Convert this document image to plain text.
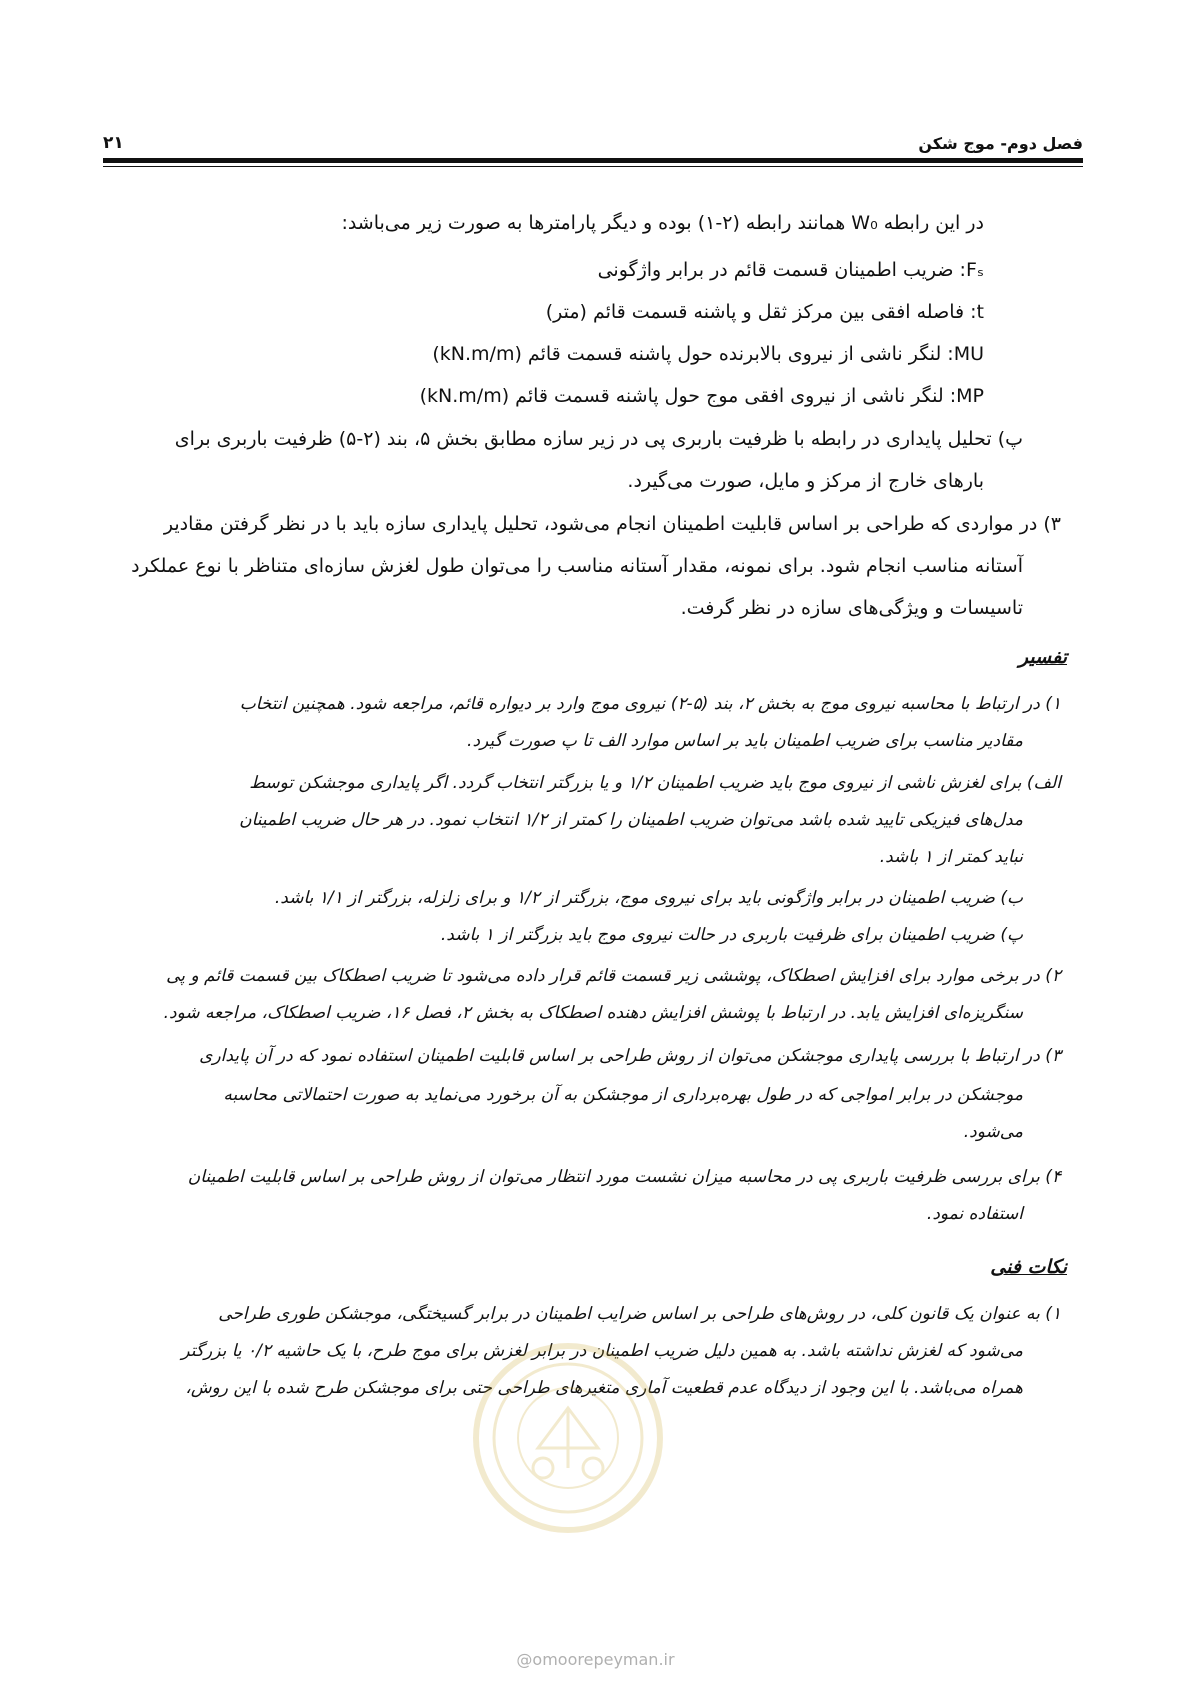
فصل دوم- موج شکن
۲۱
در این رابطه W₀ همانند رابطه (۲-۱) بوده و دیگر پارامترها به صورت زیر می‌باشد:
Fₛ: ضریب اطمینان قسمت قائم در برابر واژگونی
t: فاصله افقی بین مرکز ثقل و پاشنه قسمت قائم (متر)
MU: لنگر ناشی از نیروی بالابرنده حول پاشنه قسمت قائم (kN.m/m)
MP: لنگر ناشی از نیروی افقی موج حول پاشنه قسمت قائم (kN.m/m)
پ) تحلیل پایداری در رابطه با ظرفیت باربری پی در زیر سازه مطابق بخش ۵، بند (۲-۵) ظرفیت باربری برای
بارهای خارج از مرکز و مایل، صورت می‌گیرد.
۳) در مواردی که طراحی بر اساس قابلیت اطمینان انجام می‌شود، تحلیل پایداری سازه باید با در نظر گرفتن مقادیر
آستانه مناسب انجام شود. برای نمونه، مقدار آستانه مناسب را می‌توان طول لغزش سازه‌ای متناظر با نوع عملکرد
تاسیسات و ویژگی‌های سازه در نظر گرفت.
تفسیر
۱) در ارتباط با محاسبه نیروی موج به بخش ۲، بند (۵-۲) نیروی موج وارد بر دیواره قائم، مراجعه شود. همچنین انتخاب
مقادیر مناسب برای ضریب اطمینان باید بر اساس موارد الف تا پ صورت گیرد.
الف) برای لغزش ناشی از نیروی موج باید ضریب اطمینان ۱/۲ و یا بزرگتر انتخاب گردد. اگر پایداری موجشکن توسط
مدل‌های فیزیکی تایید شده باشد می‌توان ضریب اطمینان را کمتر از ۱/۲ انتخاب نمود. در هر حال ضریب اطمینان
نباید کمتر از ۱ باشد.
ب) ضریب اطمینان در برابر واژگونی باید برای نیروی موج، بزرگتر از ۱/۲ و برای زلزله، بزرگتر از ۱/۱ باشد.
پ) ضریب اطمینان برای ظرفیت باربری در حالت نیروی موج باید بزرگتر از ۱ باشد.
۲) در برخی موارد برای افزایش اصطکاک، پوششی زیر قسمت قائم قرار داده می‌شود تا ضریب اصطکاک بین قسمت قائم و پی
سنگریزه‌ای افزایش یابد. در ارتباط با پوشش افزایش دهنده اصطکاک به بخش ۲، فصل ۱۶، ضریب اصطکاک، مراجعه شود.
۳) در ارتباط با بررسی پایداری موجشکن می‌توان از روش طراحی بر اساس قابلیت اطمینان استفاده نمود که در آن پایداری
موجشکن در برابر امواجی که در طول بهره‌برداری از موجشکن به آن برخورد می‌نماید به صورت احتمالاتی محاسبه
می‌شود.
۴) برای بررسی ظرفیت باربری پی در محاسبه میزان نشست مورد انتظار می‌توان از روش طراحی بر اساس قابلیت اطمینان
استفاده نمود.
نکات فنی
۱) به عنوان یک قانون کلی، در روش‌های طراحی بر اساس ضرایب اطمینان در برابر گسیختگی، موجشکن طوری طراحی
می‌شود که لغزش نداشته باشد. به همین دلیل ضریب اطمینان در برابر لغزش برای موج طرح، با یک حاشیه ۰/۲ یا بزرگتر
همراه می‌باشد. با این وجود از دیدگاه عدم قطعیت آماری متغیرهای طراحی حتی برای موجشکن طرح شده با این روش،
@omoorepeyman.ir
